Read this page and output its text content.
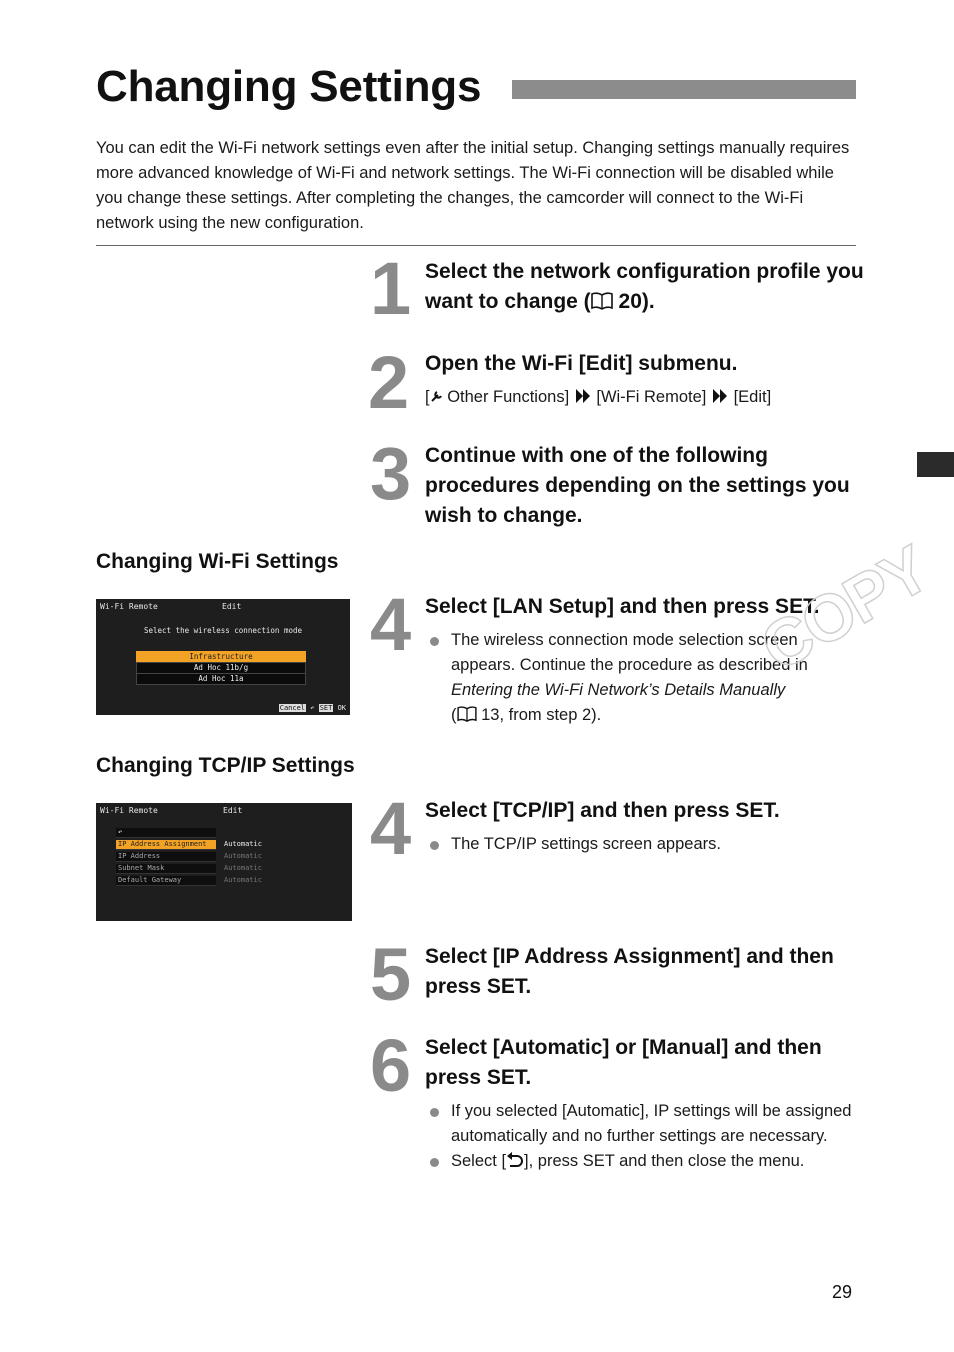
Changing Settings
You can edit the Wi-Fi network settings even after the initial setup. Changing settings manually requires more advanced knowledge of Wi-Fi and network settings. The Wi-Fi connection will be disabled while you change these settings. After completing the changes, the camcorder will connect to the Wi-Fi network using the new configuration.
1 Select the network configuration profile you want to change ( 20).
2 Open the Wi-Fi [Edit] submenu.
[ Other Functions] [Wi-Fi Remote] [Edit]
3 Continue with one of the following procedures depending on the settings you wish to change.
Changing Wi-Fi Settings
Wi-Fi Remote	Edit
Select the wireless connection mode
Infrastructure
Ad Hoc 11b/g
Ad Hoc 11a
Cancel ↶ SET OK
4 Select [LAN Setup] and then press SET.
The wireless connection mode selection screen appears. Continue the procedure as described in Entering the Wi-Fi Network’s Details Manually
( 13, from step 2).
COPY
Changing TCP/IP Settings
Wi-Fi Remote	Edit
↶
IP Address Assignment
IP Address
Subnet Mask
Default Gateway
Automatic
Automatic
Automatic
Automatic
4 Select [TCP/IP] and then press SET.
The TCP/IP settings screen appears.
5 Select [IP Address Assignment] and then press SET.
6 Select [Automatic] or [Manual] and then press SET.
If you selected [Automatic], IP settings will be assigned automatically and no further settings are necessary.
Select [ ], press SET and then close the menu.
29
